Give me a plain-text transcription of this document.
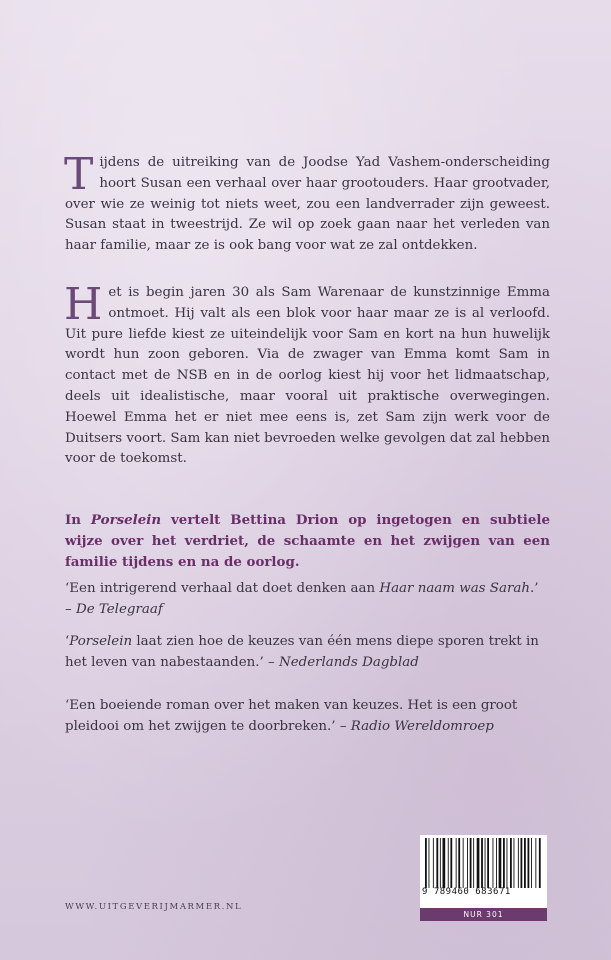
Tijdens de uitreiking van de Joodse Yad Vashem-onderscheiding hoort Susan een verhaal over haar grootouders. Haar grootvader, over wie ze weinig tot niets weet, zou een landverrader zijn geweest. Susan staat in tweestrijd. Ze wil op zoek gaan naar het verleden van haar familie, maar ze is ook bang voor wat ze zal ontdekken.
Het is begin jaren 30 als Sam Warenaar de kunstzinnige Emma ontmoet. Hij valt als een blok voor haar maar ze is al verloofd. Uit pure liefde kiest ze uiteindelijk voor Sam en kort na hun huwelijk wordt hun zoon geboren. Via de zwager van Emma komt Sam in contact met de NSB en in de oorlog kiest hij voor het lidmaatschap, deels uit idealistische, maar vooral uit praktische overwegingen. Hoewel Emma het er niet mee eens is, zet Sam zijn werk voor de Duitsers voort. Sam kan niet bevroeden welke gevolgen dat zal hebben voor de toekomst.
In Porselein vertelt Bettina Drion op ingetogen en subtiele wijze over het verdriet, de schaamte en het zwijgen van een familie tijdens en na de oorlog.
‘Een intrigerend verhaal dat doet denken aan Haar naam was Sarah.’
– De Telegraaf
‘Porselein laat zien hoe de keuzes van één mens diepe sporen trekt in het leven van nabestaanden.’ – Nederlands Dagblad
‘Een boeiende roman over het maken van keuzes. Het is een groot pleidooi om het zwijgen te doorbreken.’ – Radio Wereldomroep
WWW.UITGEVERIJMARMER.NL
9 789460 683671
NUR 301
